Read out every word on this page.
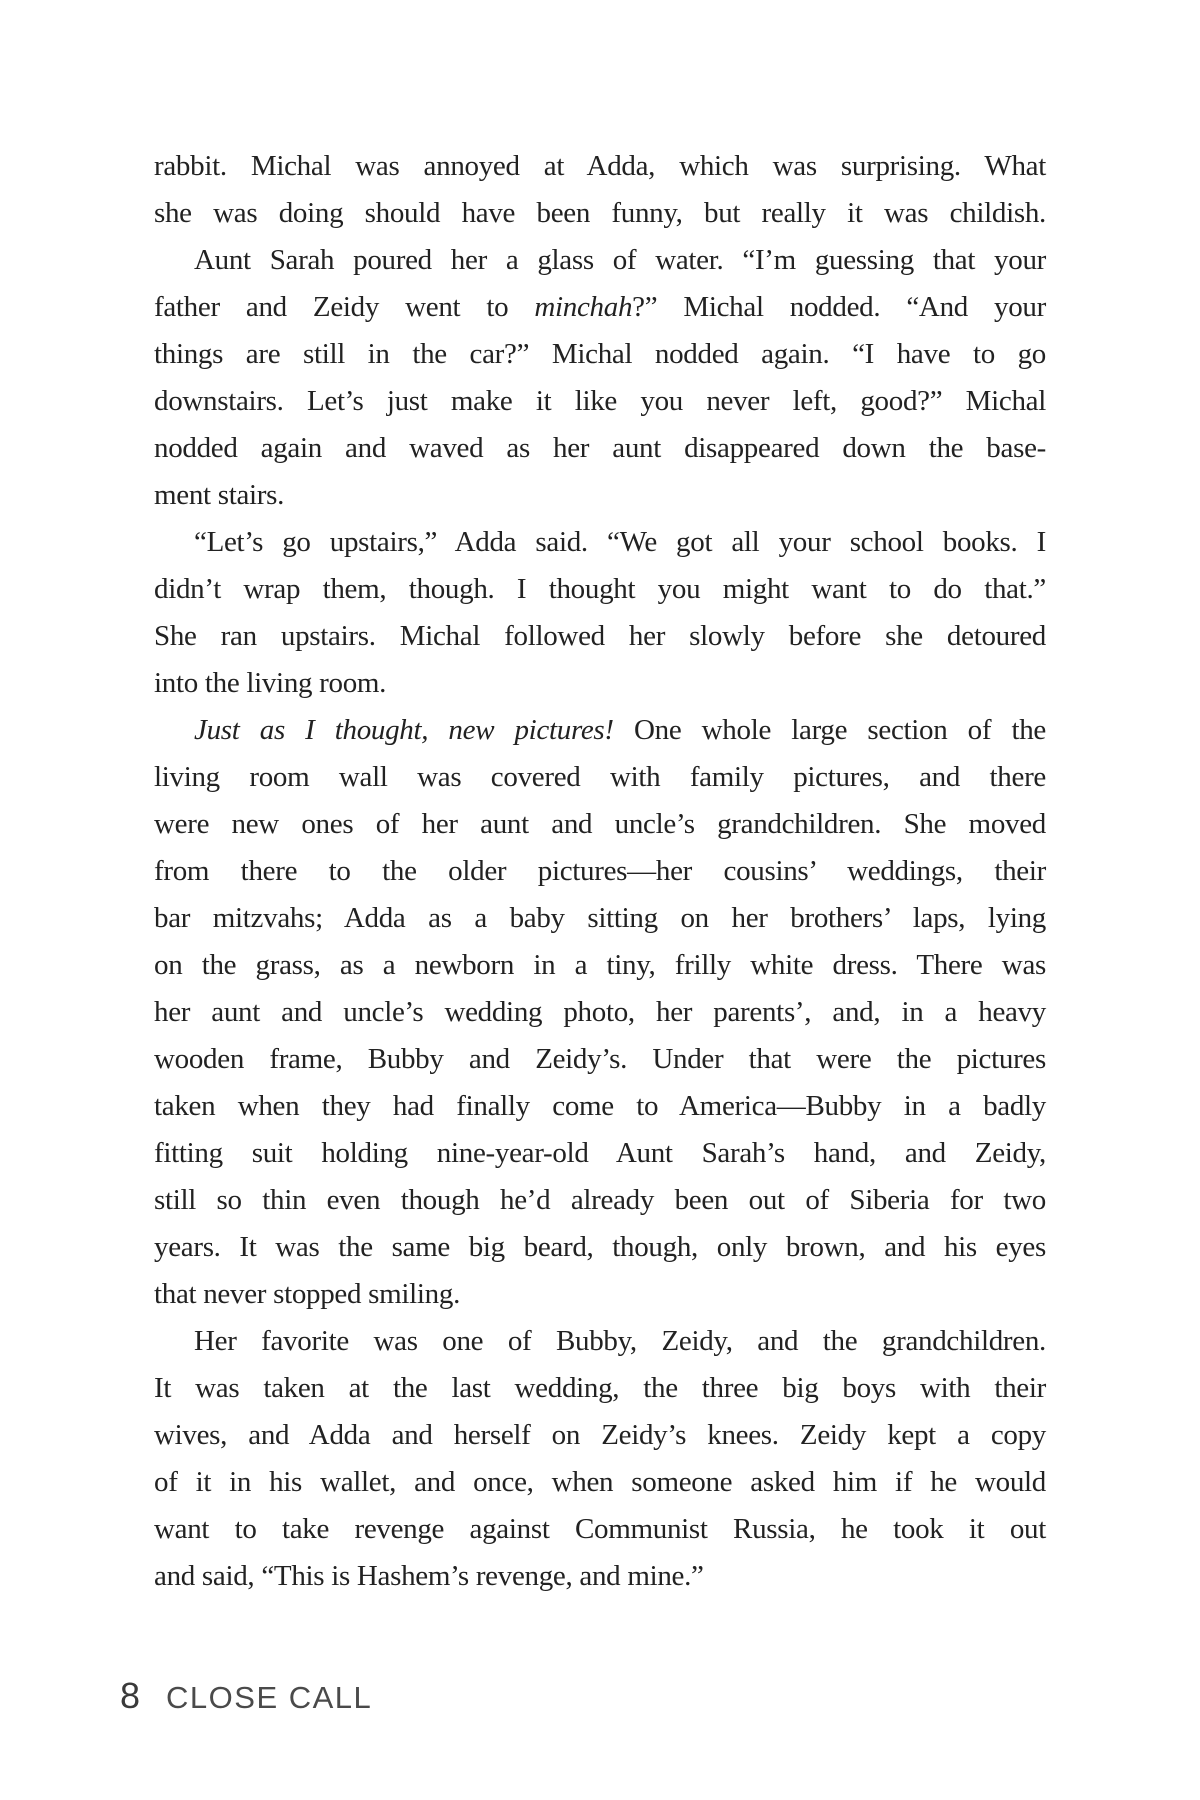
rabbit. Michal was annoyed at Adda, which was surprising. What
she was doing should have been funny, but really it was childish.
Aunt Sarah poured her a glass of water. “I’m guessing that your
father and Zeidy went to minchah?” Michal nodded. “And your
things are still in the car?” Michal nodded again. “I have to go
downstairs. Let’s just make it like you never left, good?” Michal
nodded again and waved as her aunt disappeared down the base-
ment stairs.
“Let’s go upstairs,” Adda said. “We got all your school books. I
didn’t wrap them, though. I thought you might want to do that.”
She ran upstairs. Michal followed her slowly before she detoured
into the living room.
Just as I thought, new pictures! One whole large section of the
living room wall was covered with family pictures, and there
were new ones of her aunt and uncle’s grandchildren. She moved
from there to the older pictures—her cousins’ weddings, their
bar mitzvahs; Adda as a baby sitting on her brothers’ laps, lying
on the grass, as a newborn in a tiny, frilly white dress. There was
her aunt and uncle’s wedding photo, her parents’, and, in a heavy
wooden frame, Bubby and Zeidy’s. Under that were the pictures
taken when they had finally come to America—Bubby in a badly
fitting suit holding nine-year-old Aunt Sarah’s hand, and Zeidy,
still so thin even though he’d already been out of Siberia for two
years. It was the same big beard, though, only brown, and his eyes
that never stopped smiling.
Her favorite was one of Bubby, Zeidy, and the grandchildren.
It was taken at the last wedding, the three big boys with their
wives, and Adda and herself on Zeidy’s knees. Zeidy kept a copy
of it in his wallet, and once, when someone asked him if he would
want to take revenge against Communist Russia, he took it out
and said, “This is Hashem’s revenge, and mine.”
8 CLOSE CALL
